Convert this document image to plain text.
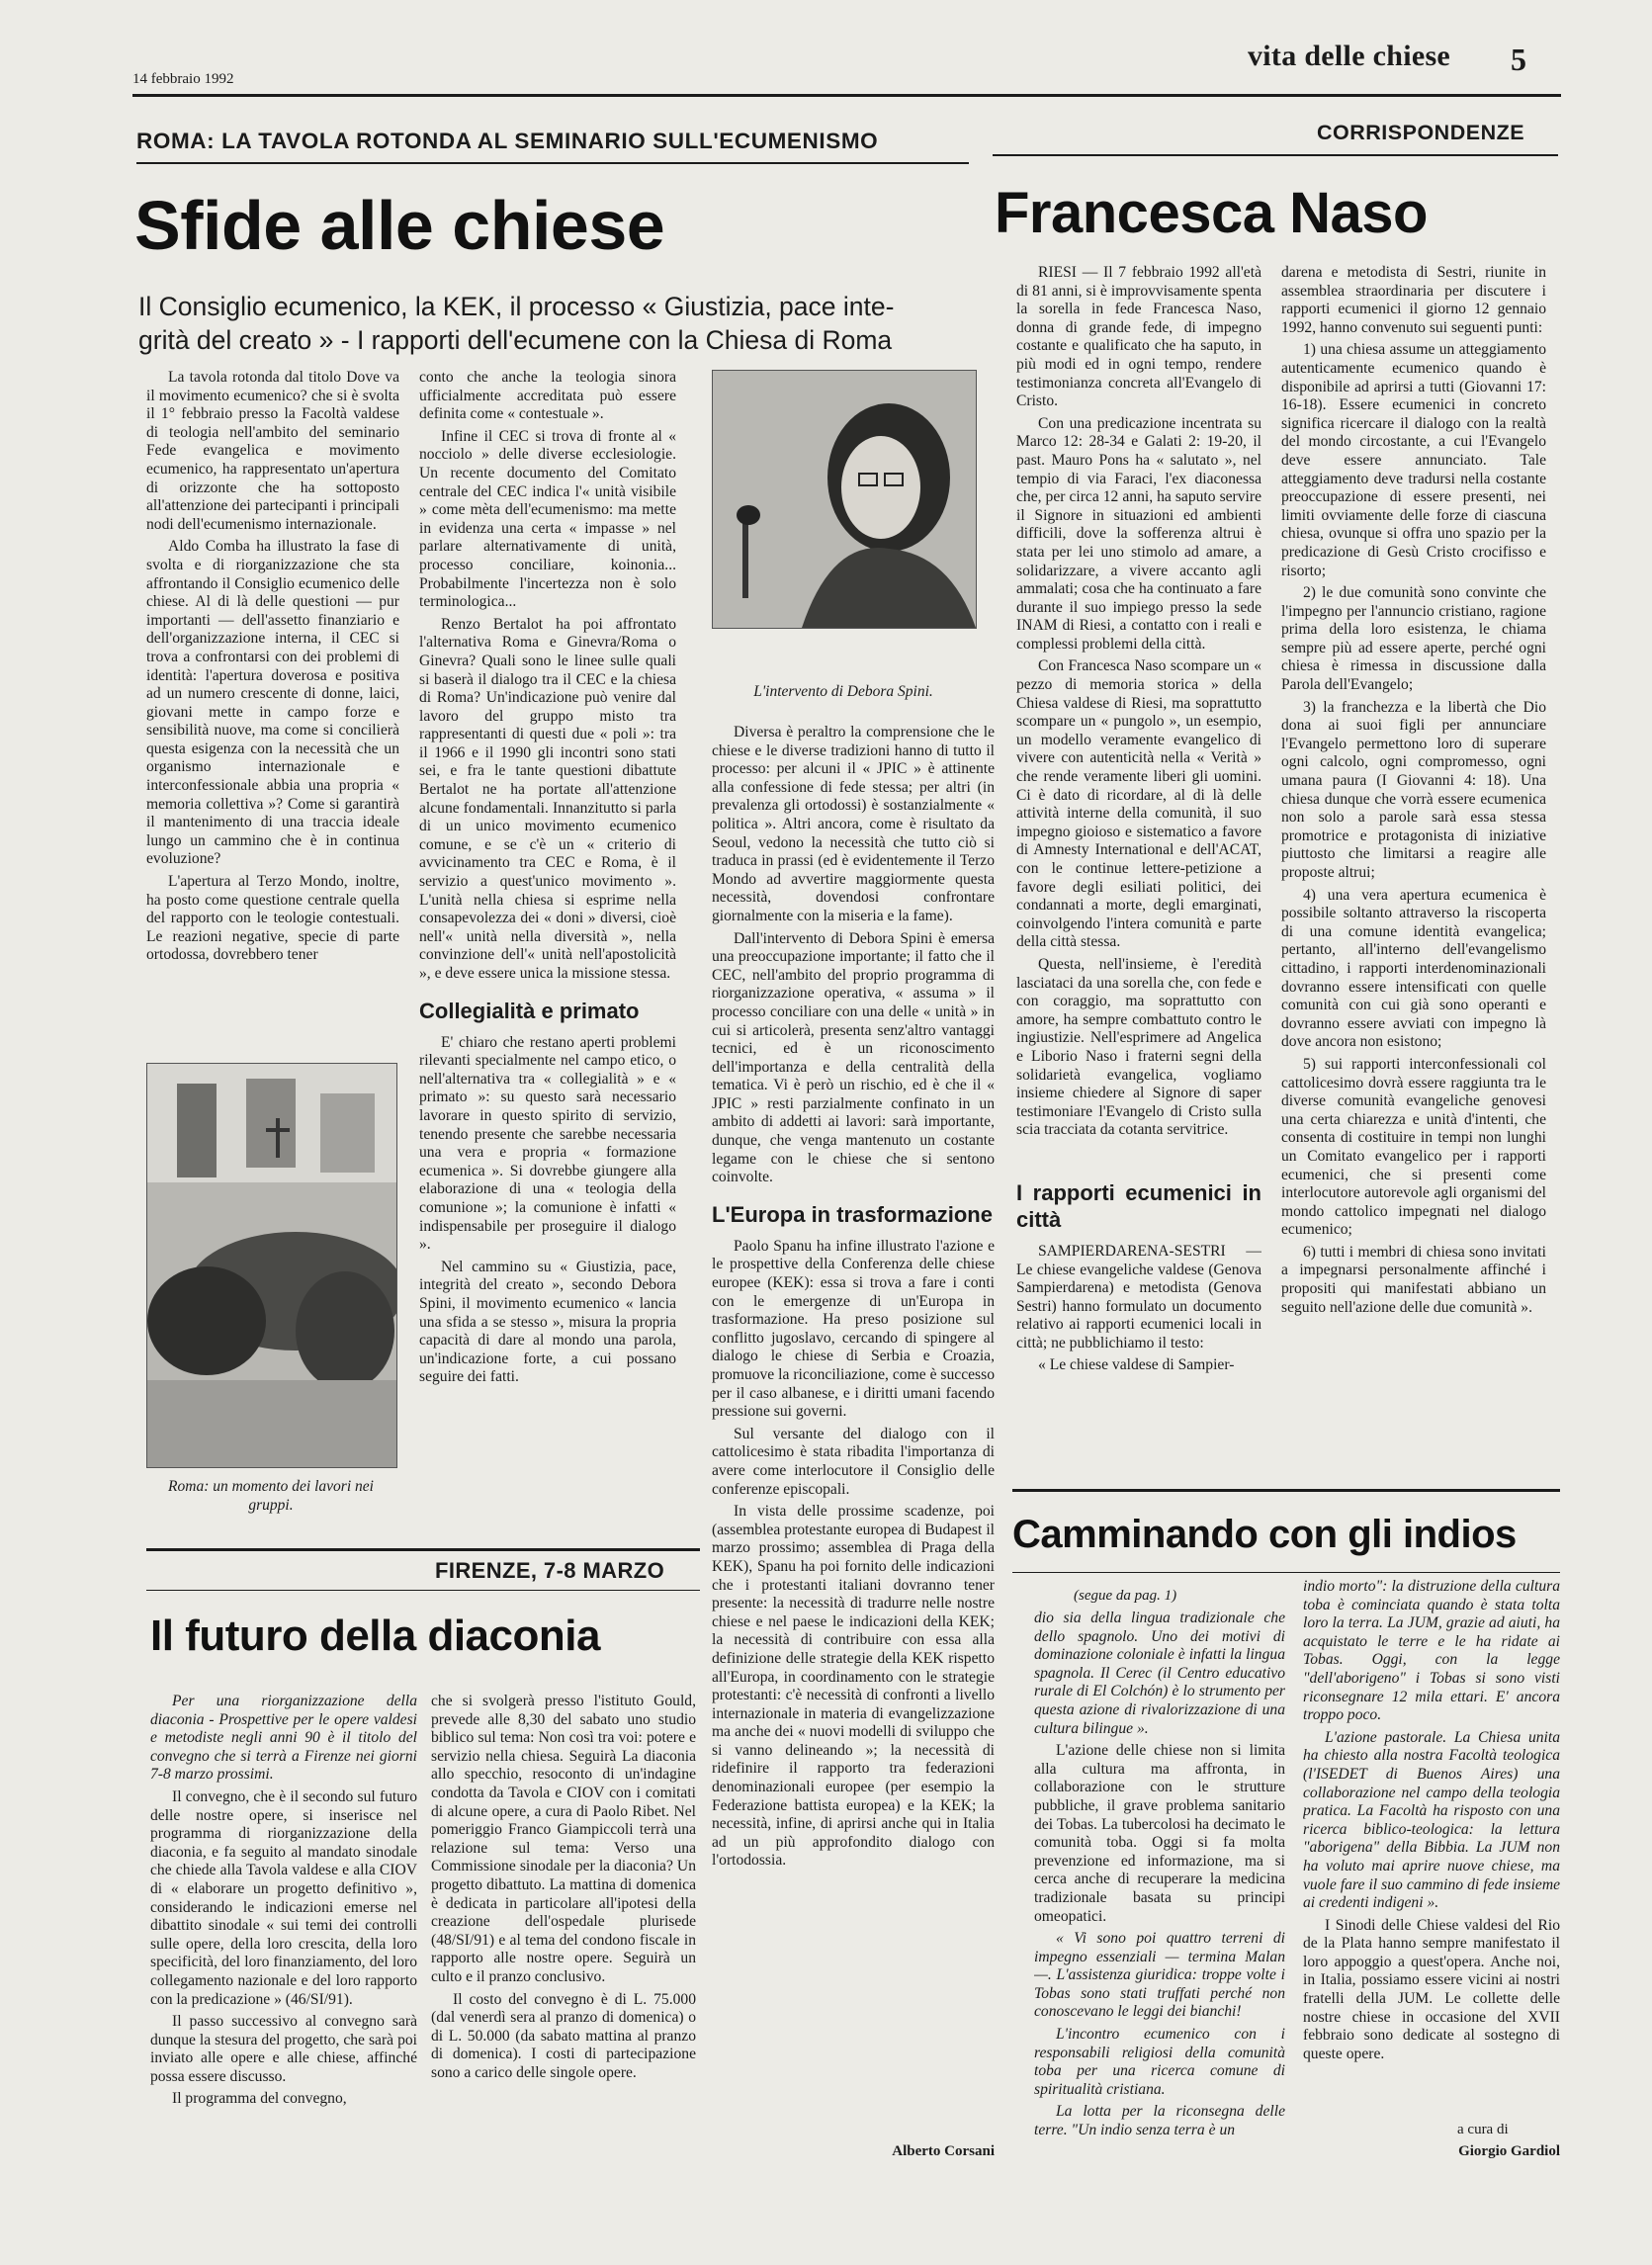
14 febbraio 1992
vita delle chiese 5
ROMA: LA TAVOLA ROTONDA AL SEMINARIO SULL'ECUMENISMO
Sfide alle chiese
Il Consiglio ecumenico, la KEK, il processo « Giustizia, pace inte-
grità del creato » - I rapporti dell'ecumene con la Chiesa di Roma

La tavola rotonda dal titolo Dove va il movimento ecumenico? che si è svolta il 1° febbraio presso la Facoltà valdese di teologia nell'ambito del seminario Fede evangelica e movimento ecumenico, ha rappresentato un'apertura di orizzonte che ha sottoposto all'attenzione dei partecipanti i principali nodi dell'ecumenismo internazionale.

Aldo Comba ha illustrato la fase di svolta e di riorganizzazione che sta affrontando il Consiglio ecumenico delle chiese. Al di là delle questioni — pur importanti — dell'assetto finanziario e dell'organizzazione interna, il CEC si trova a confrontarsi con dei problemi di identità: l'apertura doverosa e positiva ad un numero crescente di donne, laici, giovani mette in campo forze e sensibilità nuove, ma come si concilierà questa esigenza con la necessità che un organismo internazionale e interconfessionale abbia una propria « memoria collettiva »? Come si garantirà il mantenimento di una traccia ideale lungo un cammino che è in continua evoluzione?

L'apertura al Terzo Mondo, inoltre, ha posto come questione centrale quella del rapporto con le teologie contestuali. Le reazioni negative, specie di parte ortodossa, dovrebbero tener

Roma: un momento dei lavori nei gruppi.

conto che anche la teologia sinora ufficialmente accreditata può essere definita come « contestuale ».

Infine il CEC si trova di fronte al « nocciolo » delle diverse ecclesiologie. Un recente documento del Comitato centrale del CEC indica l'« unità visibile » come mèta dell'ecumenismo: ma mette in evidenza una certa « impasse » nel parlare alternativamente di unità, processo conciliare, koinonia... Probabilmente l'incertezza non è solo terminologica...

Renzo Bertalot ha poi affrontato l'alternativa Roma e Ginevra/Roma o Ginevra? Quali sono le linee sulle quali si baserà il dialogo tra il CEC e la chiesa di Roma? Un'indicazione può venire dal lavoro del gruppo misto tra rappresentanti di questi due « poli »: tra il 1966 e il 1990 gli incontri sono stati sei, e fra le tante questioni dibattute Bertalot ne ha portate all'attenzione alcune fondamentali. Innanzitutto si parla di un unico movimento ecumenico comune, e se c'è un « criterio di avvicinamento tra CEC e Roma, è il servizio a quest'unico movimento ». L'unità nella chiesa si esprime nella consapevolezza dei « doni » diversi, cioè nell'« unità nella diversità », nella convinzione dell'« unità nell'apostolicità », e deve essere unica la missione stessa.

Collegialità e primato

E' chiaro che restano aperti problemi rilevanti specialmente nel campo etico, o nell'alternativa tra « collegialità » e « primato »: su questo sarà necessario lavorare in questo spirito di servizio, tenendo presente che sarebbe necessaria una vera e propria « formazione ecumenica ». Si dovrebbe giungere alla elaborazione di una « teologia della comunione »; la comunione è infatti « indispensabile per proseguire il dialogo ».

Nel cammino su « Giustizia, pace, integrità del creato », secondo Debora Spini, il movimento ecumenico « lancia una sfida a se stesso », misura la propria capacità di dare al mondo una parola, un'indicazione forte, a cui possano seguire dei fatti.

L'intervento di Debora Spini.

Diversa è peraltro la comprensione che le chiese e le diverse tradizioni hanno di tutto il processo: per alcuni il « JPIC » è attinente alla confessione di fede stessa; per altri (in prevalenza gli ortodossi) è sostanzialmente « politica ». Altri ancora, come è risultato da Seoul, vedono la necessità che tutto ciò si traduca in prassi (ed è evidentemente il Terzo Mondo ad avvertire maggiormente questa necessità, dovendosi confrontare giornalmente con la miseria e la fame).

Dall'intervento di Debora Spini è emersa una preoccupazione importante; il fatto che il CEC, nell'ambito del proprio programma di riorganizzazione operativa, « assuma » il processo conciliare con una delle « unità » in cui si articolerà, presenta senz'altro vantaggi tecnici, ed è un riconoscimento dell'importanza e della centralità della tematica. Vi è però un rischio, ed è che il « JPIC » resti parzialmente confinato in un ambito di addetti ai lavori: sarà importante, dunque, che venga mantenuto un costante legame con le chiese che si sentono coinvolte.

L'Europa in trasformazione

Paolo Spanu ha infine illustrato l'azione e le prospettive della Conferenza delle chiese europee (KEK): essa si trova a fare i conti con le emergenze di un'Europa in trasformazione. Ha preso posizione sul conflitto jugoslavo, cercando di spingere al dialogo le chiese di Serbia e Croazia, promuove la riconciliazione, come è successo per il caso albanese, e i diritti umani facendo pressione sui governi.

Sul versante del dialogo con il cattolicesimo è stata ribadita l'importanza di avere come interlocutore il Consiglio delle conferenze episcopali.

In vista delle prossime scadenze, poi (assemblea protestante europea di Budapest il marzo prossimo; assemblea di Praga della KEK), Spanu ha poi fornito delle indicazioni che i protestanti italiani dovranno tener presente: la necessità di tradurre nelle nostre chiese e nel paese le indicazioni della KEK; la necessità di contribuire con essa alla definizione delle strategie della KEK rispetto all'Europa, in coordinamento con le strategie protestanti: c'è necessità di confronti a livello internazionale in materia di evangelizzazione ma anche dei « nuovi modelli di sviluppo che si vanno delineando »; la necessità di ridefinire il rapporto tra federazioni denominazionali europee (per esempio la Federazione battista europea) e la KEK; la necessità, infine, di aprirsi anche qui in Italia ad un più approfondito dialogo con l'ortodossia.

Alberto Corsani
FIRENZE, 7-8 MARZO
Il futuro della diaconia

Per una riorganizzazione della diaconia - Prospettive per le opere valdesi e metodiste negli anni 90 è il titolo del convegno che si terrà a Firenze nei giorni 7-8 marzo prossimi.

Il convegno, che è il secondo sul futuro delle nostre opere, si inserisce nel programma di riorganizzazione della diaconia, e fa seguito al mandato sinodale che chiede alla Tavola valdese e alla CIOV di « elaborare un progetto definitivo », considerando le indicazioni emerse nel dibattito sinodale « sui temi dei controlli sulle opere, della loro crescita, della loro specificità, del loro finanziamento, del loro collegamento nazionale e del loro rapporto con la predicazione » (46/SI/91).

Il passo successivo al convegno sarà dunque la stesura del progetto, che sarà poi inviato alle opere e alle chiese, affinché possa essere discusso.

Il programma del convegno,

che si svolgerà presso l'istituto Gould, prevede alle 8,30 del sabato uno studio biblico sul tema: Non così tra voi: potere e servizio nella chiesa. Seguirà La diaconia allo specchio, resoconto di un'indagine condotta da Tavola e CIOV con i comitati di alcune opere, a cura di Paolo Ribet. Nel pomeriggio Franco Giampiccoli terrà una relazione sul tema: Verso una Commissione sinodale per la diaconia? Un progetto dibattuto. La mattina di domenica è dedicata in particolare all'ipotesi della creazione dell'ospedale plurisede (48/SI/91) e al tema del condono fiscale in rapporto alle nostre opere. Seguirà un culto e il pranzo conclusivo.

Il costo del convegno è di L. 75.000 (dal venerdì sera al pranzo di domenica) o di L. 50.000 (da sabato mattina al pranzo di domenica). I costi di partecipazione sono a carico delle singole opere.

CORRISPONDENZE
Francesca Naso

RIESI — Il 7 febbraio 1992 all'età di 81 anni, si è improvvisamente spenta la sorella in fede Francesca Naso, donna di grande fede, di impegno costante e qualificato che ha saputo, in più modi ed in ogni tempo, rendere testimonianza concreta all'Evangelo di Cristo.

Con una predicazione incentrata su Marco 12: 28-34 e Galati 2: 19-20, il past. Mauro Pons ha « salutato », nel tempio di via Faraci, l'ex diaconessa che, per circa 12 anni, ha saputo servire il Signore in situazioni ed ambienti difficili, dove la sofferenza altrui è stata per lei uno stimolo ad amare, a solidarizzare, a vivere accanto agli ammalati; cosa che ha continuato a fare durante il suo impiego presso la sede INAM di Riesi, a contatto con i reali e complessi problemi della città.

Con Francesca Naso scompare un « pezzo di memoria storica » della Chiesa valdese di Riesi, ma soprattutto scompare un « pungolo », un esempio, un modello veramente evangelico di vivere con autenticità nella « Verità » che rende veramente liberi gli uomini. Ci è dato di ricordare, al di là delle attività interne della comunità, il suo impegno gioioso e sistematico a favore di Amnesty International e dell'ACAT, con le continue lettere-petizione a favore degli esiliati politici, dei condannati a morte, degli emarginati, coinvolgendo l'intera comunità e parte della città stessa.

Questa, nell'insieme, è l'eredità lasciataci da una sorella che, con fede e con coraggio, ma soprattutto con amore, ha sempre combattuto contro le ingiustizie. Nell'esprimere ad Angelica e Liborio Naso i fraterni segni della solidarietà evangelica, vogliamo insieme chiedere al Signore di saper testimoniare l'Evangelo di Cristo sulla scia tracciata da cotanta servitrice.

I rapporti ecumenici in città

SAMPIERDARENA-SESTRI — Le chiese evangeliche valdese (Genova Sampierdarena) e metodista (Genova Sestri) hanno formulato un documento relativo ai rapporti ecumenici locali in città; ne pubblichiamo il testo:

« Le chiese valdese di Sampier-

darena e metodista di Sestri, riunite in assemblea straordinaria per discutere i rapporti ecumenici il giorno 12 gennaio 1992, hanno convenuto sui seguenti punti:

1) una chiesa assume un atteggiamento autenticamente ecumenico quando è disponibile ad aprirsi a tutti (Giovanni 17: 16-18). Essere ecumenici in concreto significa ricercare il dialogo con la realtà del mondo circostante, a cui l'Evangelo deve essere annunciato. Tale atteggiamento deve tradursi nella costante preoccupazione di essere presenti, nei limiti ovviamente delle forze di ciascuna chiesa, ovunque si offra uno spazio per la predicazione di Gesù Cristo crocifisso e risorto;

2) le due comunità sono convinte che l'impegno per l'annuncio cristiano, ragione prima della loro esistenza, le chiama sempre più ad essere aperte, perché ogni chiesa è rimessa in discussione dalla Parola dell'Evangelo;

3) la franchezza e la libertà che Dio dona ai suoi figli per annunciare l'Evangelo permettono loro di superare ogni calcolo, ogni compromesso, ogni umana paura (I Giovanni 4: 18). Una chiesa dunque che vorrà essere ecumenica non solo a parole sarà essa stessa promotrice e protagonista di iniziative piuttosto che limitarsi a reagire alle proposte altrui;

4) una vera apertura ecumenica è possibile soltanto attraverso la riscoperta di una comune identità evangelica; pertanto, all'interno dell'evangelismo cittadino, i rapporti interdenominazionali dovranno essere intensificati con quelle comunità con cui già sono operanti e dovranno essere avviati con impegno là dove ancora non esistono;

5) sui rapporti interconfessionali col cattolicesimo dovrà essere raggiunta tra le diverse comunità evangeliche genovesi una certa chiarezza e unità d'intenti, che consenta di costituire in tempi non lunghi un Comitato evangelico per i rapporti ecumenici, che si presenti come interlocutore autorevole agli organismi del mondo cattolico impegnati nel dialogo ecumenico;

6) tutti i membri di chiesa sono invitati a impegnarsi personalmente affinché i propositi qui manifestati abbiano un seguito nell'azione delle due comunità ».

Camminando con gli indios
(segue da pag. 1)

dio sia della lingua tradizionale che dello spagnolo. Uno dei motivi di dominazione coloniale è infatti la lingua spagnola. Il Cerec (il Centro educativo rurale di El Colchón) è lo strumento per questa azione di rivalorizzazione di una cultura bilingue ».

L'azione delle chiese non si limita alla cultura ma affronta, in collaborazione con le strutture pubbliche, il grave problema sanitario dei Tobas. La tubercolosi ha decimato le comunità toba. Oggi si fa molta prevenzione ed informazione, ma si cerca anche di recuperare la medicina tradizionale basata su principi omeopatici.

« Vi sono poi quattro terreni di impegno essenziali — termina Malan —. L'assistenza giuridica: troppe volte i Tobas sono stati truffati perché non conoscevano le leggi dei bianchi!

L'incontro ecumenico con i responsabili religiosi della comunità toba per una ricerca comune di spiritualità cristiana.

La lotta per la riconsegna delle terre. "Un indio senza terra è un

indio morto": la distruzione della cultura toba è cominciata quando è stata tolta loro la terra. La JUM, grazie ad aiuti, ha acquistato le terre e le ha ridate ai Tobas. Oggi, con la legge "dell'aborigeno" i Tobas si sono visti riconsegnare 12 mila ettari. E' ancora troppo poco.

L'azione pastorale. La Chiesa unita ha chiesto alla nostra Facoltà teologica (l'ISEDET di Buenos Aires) una collaborazione nel campo della teologia pratica. La Facoltà ha risposto con una ricerca biblico-teologica: la lettura "aborigena" della Bibbia. La JUM non ha voluto mai aprire nuove chiese, ma vuole fare il suo cammino di fede insieme ai credenti indigeni ».

I Sinodi delle Chiese valdesi del Rio de la Plata hanno sempre manifestato il loro appoggio a quest'opera. Anche noi, in Italia, possiamo essere vicini ai nostri fratelli della JUM. Le collette delle nostre chiese in occasione del XVII febbraio sono dedicate al sostegno di queste opere.

a cura di
Giorgio Gardiol
